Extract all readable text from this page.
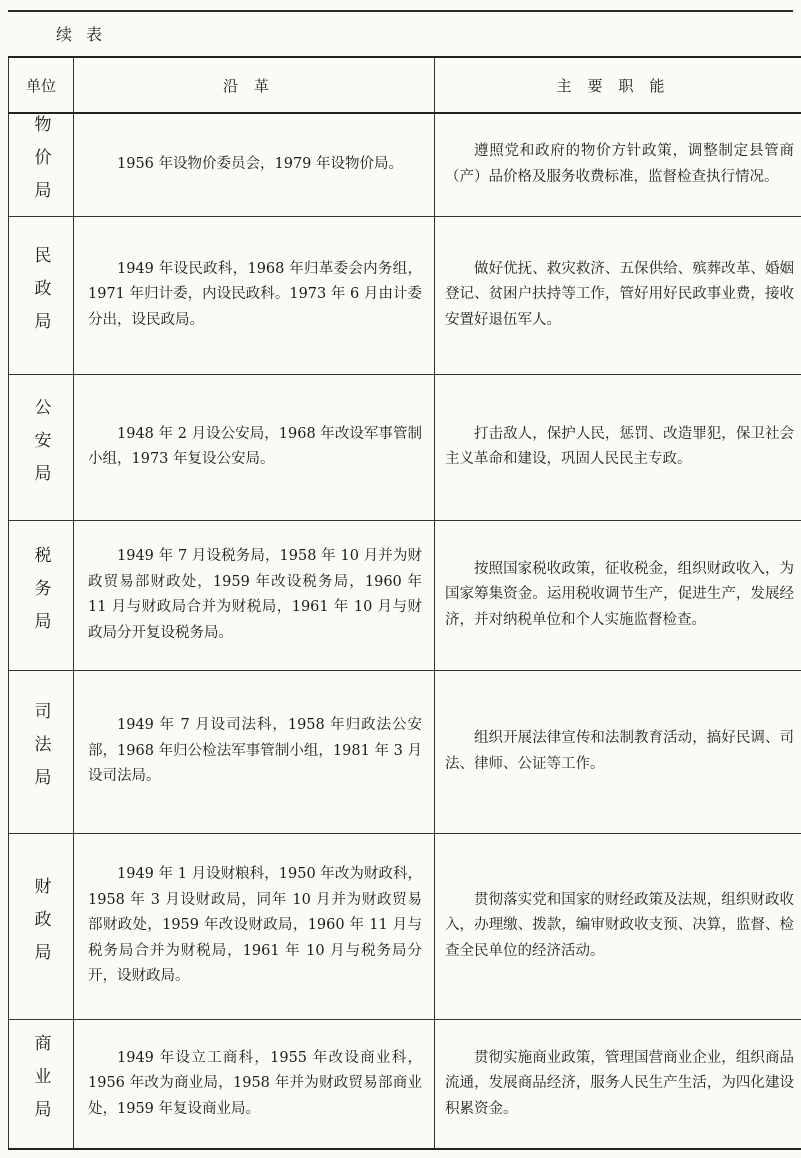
续表
单位	沿革	主要职能
物价局	1956 年设物价委员会，1979 年设物价局。	遵照党和政府的物价方针政策，调整制定县管商（产）品价格及服务收费标准，监督检查执行情况。
民政局	1949 年设民政科，1968 年归革委会内务组，1971 年归计委，内设民政科。1973 年 6 月由计委分出，设民政局。	做好优抚、救灾救济、五保供给、殡葬改革、婚姻登记、贫困户扶持等工作，管好用好民政事业费，接收安置好退伍军人。
公安局	1948 年 2 月设公安局，1968 年改设军事管制小组，1973 年复设公安局。	打击敌人，保护人民，惩罚、改造罪犯，保卫社会主义革命和建设，巩固人民民主专政。
税务局	1949 年 7 月设税务局，1958 年 10 月并为财政贸易部财政处，1959 年改设税务局，1960 年 11 月与财政局合并为财税局，1961 年 10 月与财政局分开复设税务局。	按照国家税收政策，征收税金，组织财政收入，为国家筹集资金。运用税收调节生产，促进生产，发展经济，并对纳税单位和个人实施监督检查。
司法局	1949 年 7 月设司法科，1958 年归政法公安部，1968 年归公检法军事管制小组，1981 年 3 月设司法局。	组织开展法律宣传和法制教育活动，搞好民调、司法、律师、公证等工作。
财政局	1949 年 1 月设财粮科，1950 年改为财政科，1958 年 3 月设财政局，同年 10 月并为财政贸易部财政处，1959 年改设财政局，1960 年 11 月与税务局合并为财税局，1961 年 10 月与税务局分开，设财政局。	贯彻落实党和国家的财经政策及法规，组织财政收入，办理缴、拨款，编审财政收支预、决算，监督、检查全民单位的经济活动。
商业局	1949 年设立工商科，1955 年改设商业科，1956 年改为商业局，1958 年并为财政贸易部商业处，1959 年复设商业局。	贯彻实施商业政策，管理国营商业企业，组织商品流通，发展商品经济，服务人民生产生活，为四化建设积累资金。
